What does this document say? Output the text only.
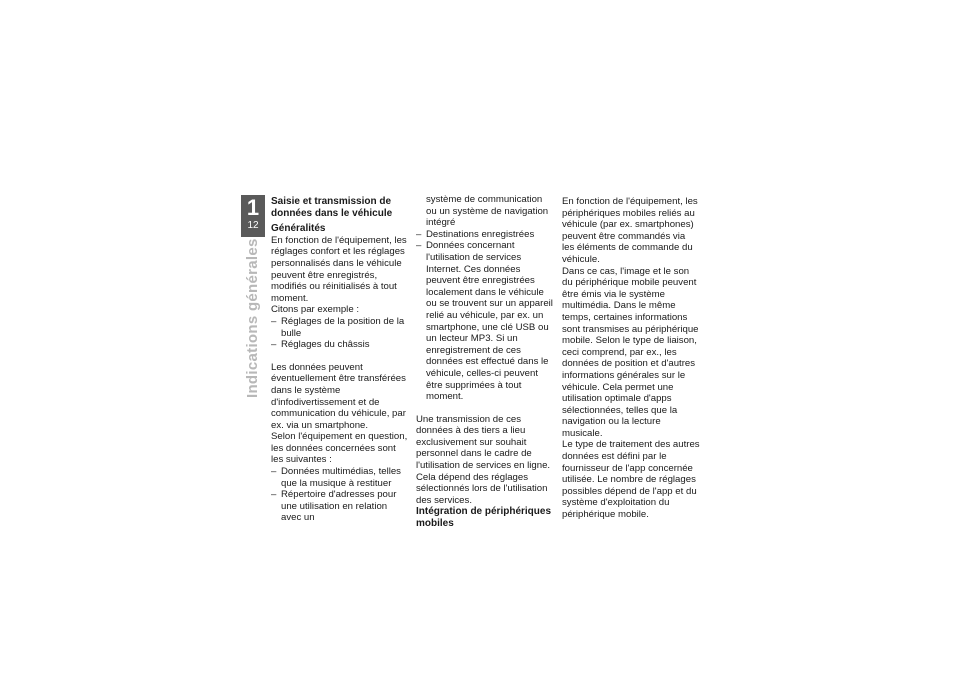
1
12
Indications générales

Saisie et transmission de données dans le véhicule

Généralités

En fonction de l'équipement, les réglages confort et les réglages personnalisés dans le véhicule peuvent être enregistrés, modifiés ou réinitialisés à tout moment.

Citons par exemple :

– Réglages de la position de la bulle
– Réglages du châssis

Les données peuvent éventuellement être transférées dans le système d'infodivertissement et de communication du véhicule, par ex. via un smartphone.

Selon l'équipement en question, les données concernées sont les suivantes :

– Données multimédias, telles que la musique à restituer
– Répertoire d'adresses pour une utilisation en relation avec un

système de communication ou un système de navigation intégré

– Destinations enregistrées
– Données concernant l'utilisation de services Internet. Ces données peuvent être enregistrées localement dans le véhicule ou se trouvent sur un appareil relié au véhicule, par ex. un smartphone, une clé USB ou un lecteur MP3. Si un enregistrement de ces données est effectué dans le véhicule, celles-ci peuvent être supprimées à tout moment.

Une transmission de ces données à des tiers a lieu exclusivement sur souhait personnel dans le cadre de l'utilisation de services en ligne. Cela dépend des réglages sélectionnés lors de l'utilisation des services.

Intégration de périphériques mobiles

En fonction de l'équipement, les périphériques mobiles reliés au véhicule (par ex. smartphones) peuvent être commandés via les éléments de commande du véhicule.

Dans ce cas, l'image et le son du périphérique mobile peuvent être émis via le système multimédia. Dans le même temps, certaines informations sont transmises au périphérique mobile. Selon le type de liaison, ceci comprend, par ex., les données de position et d'autres informations générales sur le véhicule. Cela permet une utilisation optimale d'apps sélectionnées, telles que la navigation ou la lecture musicale.

Le type de traitement des autres données est défini par le fournisseur de l'app concernée utilisée. Le nombre de réglages possibles dépend de l'app et du système d'exploitation du périphérique mobile.
